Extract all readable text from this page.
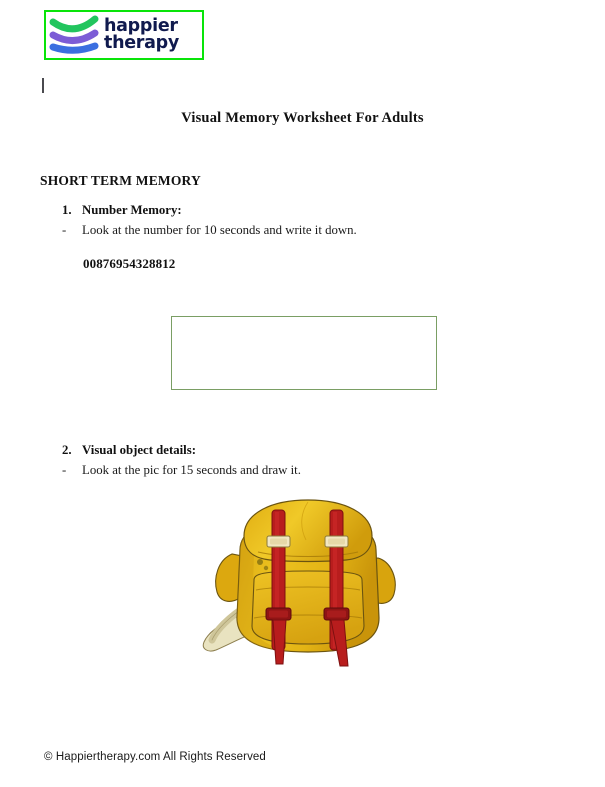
happier
therapy
Visual Memory Worksheet For Adults
SHORT TERM MEMORY
1. Number Memory:
- Look at the number for 10 seconds and write it down.
00876954328812
2. Visual object details:
- Look at the pic for 15 seconds and draw it.
© Happiertherapy.com All Rights Reserved
